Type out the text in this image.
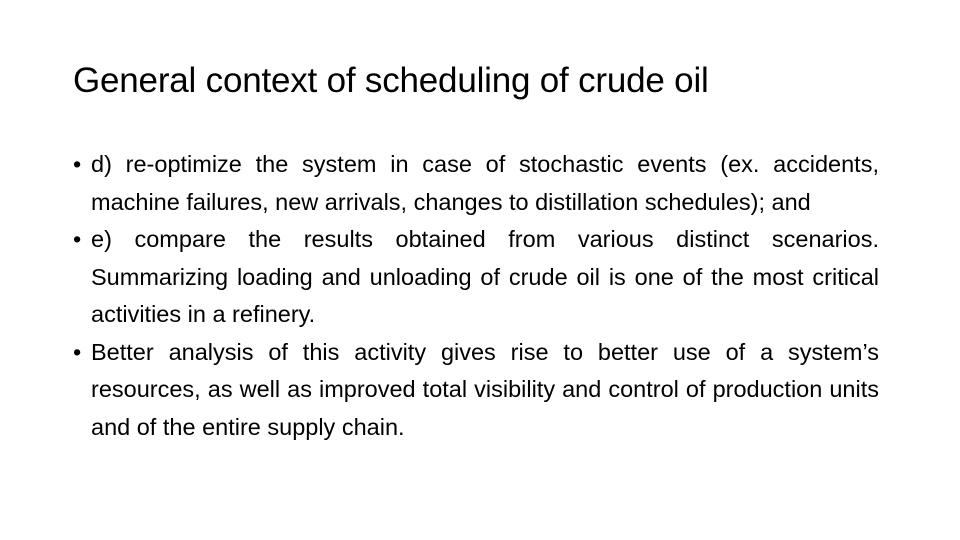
General context of scheduling of crude oil
• d) re-optimize the system in case of stochastic events (ex. accidents, machine failures, new arrivals, changes to distillation schedules); and
• e) compare the results obtained from various distinct scenarios. Summarizing loading and unloading of crude oil is one of the most critical activities in a refinery.
• Better analysis of this activity gives rise to better use of a system’s resources, as well as improved total visibility and control of production units and of the entire supply chain.
